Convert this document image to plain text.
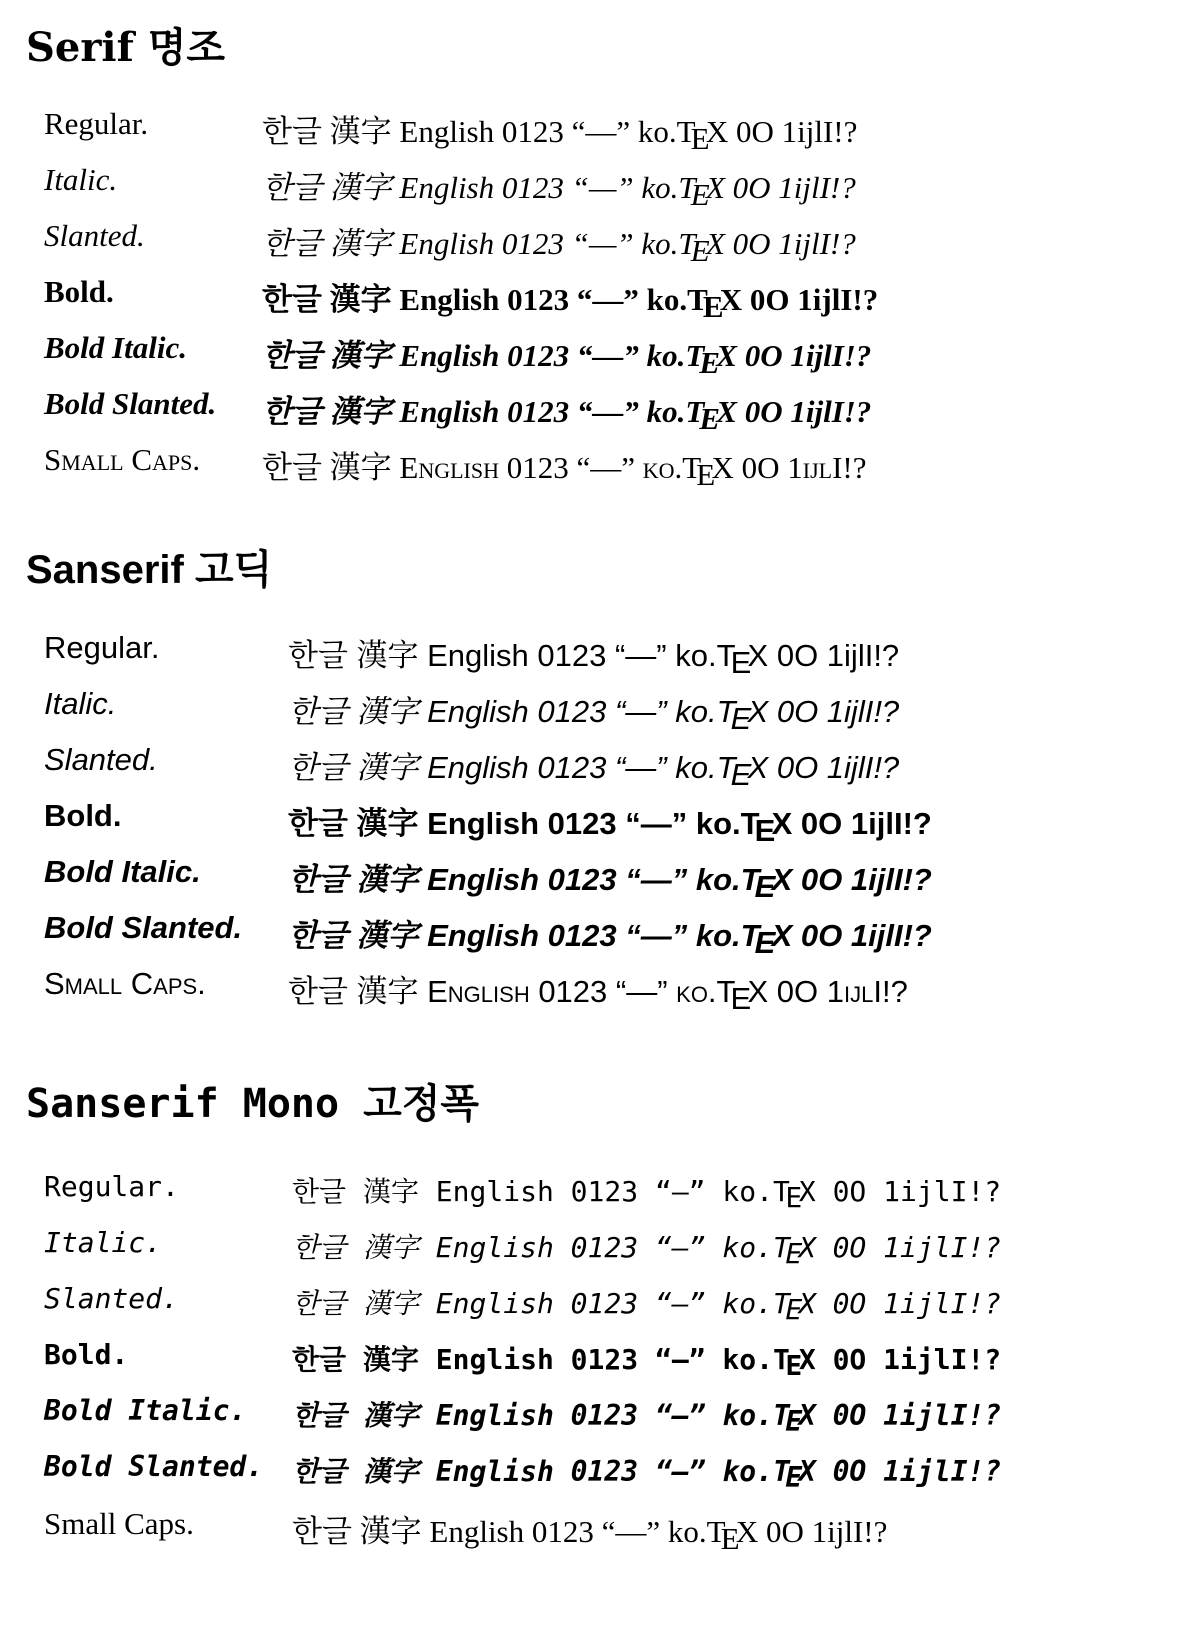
Serif 명조
Regular.	한글 漢字 English 0123 “—” ko.TEX 0O 1ijlI!?
Italic.	한글 漢字 English 0123 “—” ko.TEX 0O 1ijlI!?
Slanted.	한글 漢字 English 0123 “—” ko.TEX 0O 1ijlI!?
Bold.	한글 漢字 English 0123 “—” ko.TEX 0O 1ijlI!?
Bold Italic. 한글 漢字 English 0123 “—” ko.TEX 0O 1ijlI!?
Bold Slanted. 한글 漢字 English 0123 “—” ko.TEX 0O 1ijlI!?
Small Caps. 한글 漢字 English 0123 “—” ko.TEX 0O 1ijlI!?
Sanserif 고딕
Regular.	한글 漢字 English 0123 “—” ko.TEX 0O 1ijlI!?
Italic.	한글 漢字 English 0123 “—” ko.TEX 0O 1ijlI!?
Slanted.	한글 漢字 English 0123 “—” ko.TEX 0O 1ijlI!?
Bold.	한글 漢字 English 0123 “—” ko.TEX 0O 1ijlI!?
Bold Italic.	한글 漢字 English 0123 “—” ko.TEX 0O 1ijlI!?
Bold Slanted. 한글 漢字 English 0123 “—” ko.TEX 0O 1ijlI!?
Small Caps.	한글 漢字 English 0123 “—” ko.TEX 0O 1ijlI!?
Sanserif Mono 고정폭
Regular.	한글 漢字 English 0123 “–” ko.TEX 0O 1ijlI!?
Italic.	한글 漢字 English 0123 “–” ko.TEX 0O 1ijlI!?
Slanted.	한글 漢字 English 0123 “–” ko.TEX 0O 1ijlI!?
Bold.	한글 漢字 English 0123 “–” ko.TEX 0O 1ijlI!?
Bold Italic. 한글 漢字 English 0123 “–” ko.TEX 0O 1ijlI!?
Bold Slanted. 한글 漢字 English 0123 “–” ko.TEX 0O 1ijlI!?
Small Caps.	한글 漢字 English 0123 “—” ko.TEX 0O 1ijlI!?
